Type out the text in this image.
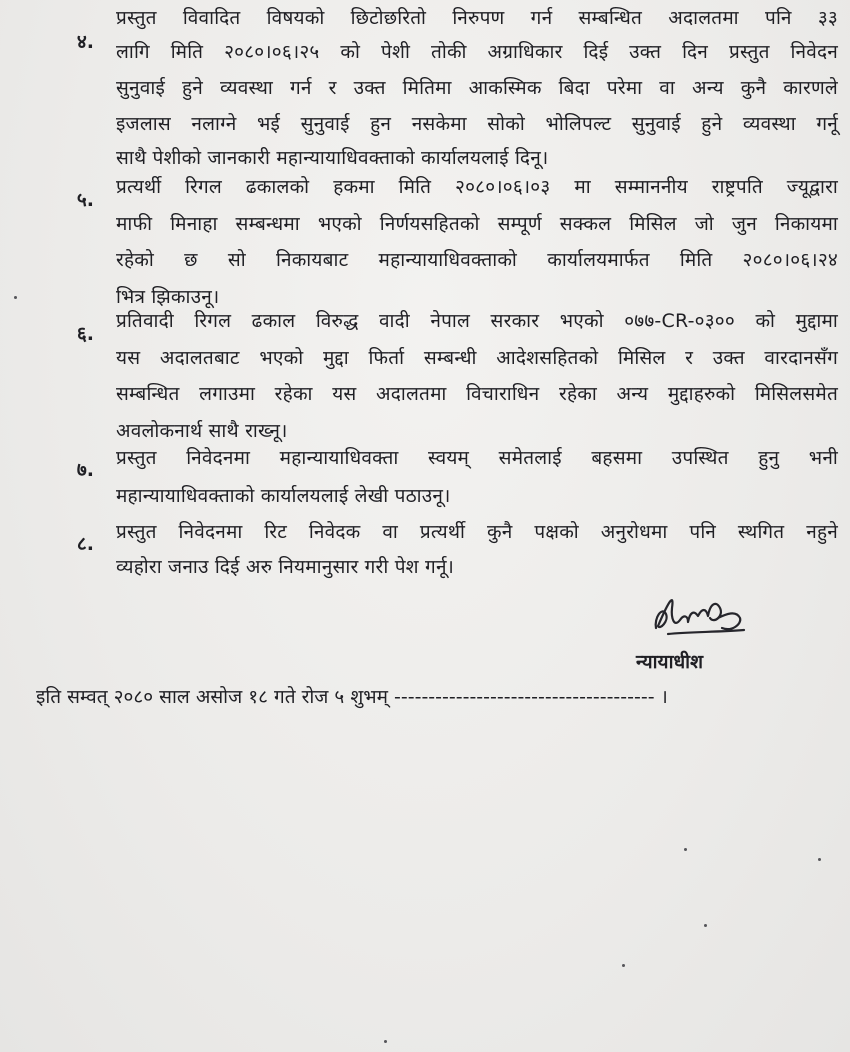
४.
प्रस्तुत विवादित विषयको छिटोछरितो निरुपण गर्न सम्बन्धित अदालतमा पनि ३३
लागि मिति २०८०।०६।२५ को पेशी तोकी अग्राधिकार दिई उक्त दिन प्रस्तुत निवेदन
सुनुवाई हुने व्यवस्था गर्न र उक्त मितिमा आकस्मिक बिदा परेमा वा अन्य कुनै कारणले
इजलास नलाग्ने भई सुनुवाई हुन नसकेमा सोको भोलिपल्ट सुनुवाई हुने व्यवस्था गर्नू
साथै पेशीको जानकारी महान्यायाधिवक्ताको कार्यालयलाई दिनू।
५.
प्रत्यर्थी रिगल ढकालको हकमा मिति २०८०।०६।०३ मा सम्माननीय राष्ट्रपति ज्यूद्वारा
माफी मिनाहा सम्बन्धमा भएको निर्णयसहितको सम्पूर्ण सक्कल मिसिल जो जुन निकायमा
रहेको छ सो निकायबाट महान्यायाधिवक्ताको कार्यालयमार्फत मिति २०८०।०६।२४
भित्र झिकाउनू।
६.
प्रतिवादी रिगल ढकाल विरुद्ध वादी नेपाल सरकार भएको ०७७-CR-०३०० को मुद्दामा
यस अदालतबाट भएको मुद्दा फिर्ता सम्बन्धी आदेशसहितको मिसिल र उक्त वारदानसँग
सम्बन्धित लगाउमा रहेका यस अदालतमा विचाराधिन रहेका अन्य मुद्दाहरुको मिसिलसमेत
अवलोकनार्थ साथै राख्नू।
७.
प्रस्तुत निवेदनमा महान्यायाधिवक्ता स्वयम् समेतलाई बहसमा उपस्थित हुनु भनी
महान्यायाधिवक्ताको कार्यालयलाई लेखी पठाउनू।
८.
प्रस्तुत निवेदनमा रिट निवेदक वा प्रत्यर्थी कुनै पक्षको अनुरोधमा पनि स्थगित नहुने
व्यहोरा जनाउ दिई अरु नियमानुसार गरी पेश गर्नू।
न्यायाधीश
इति सम्वत् २०८० साल असोज १८ गते रोज ५ शुभम् -------------------------------------- ।
